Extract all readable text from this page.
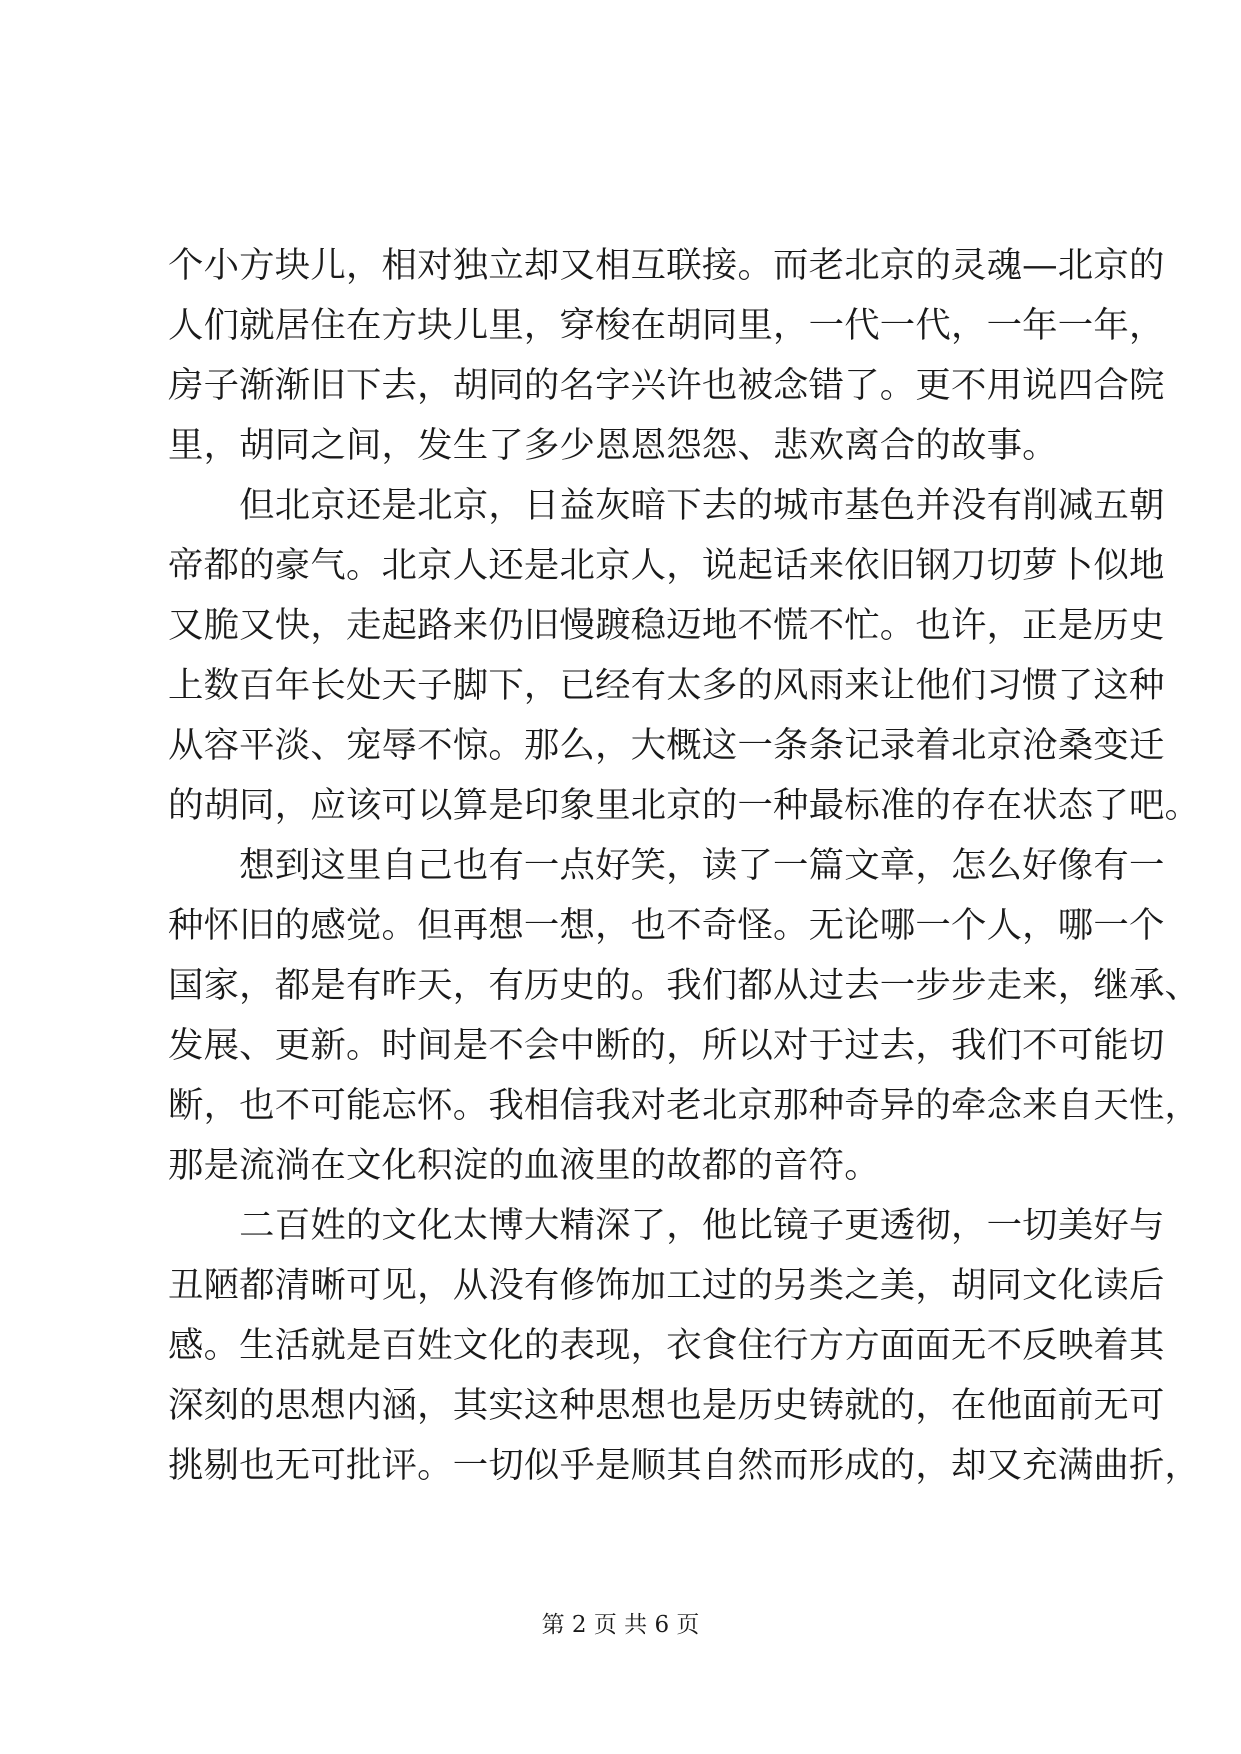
个小方块儿，相对独立却又相互联接。而老北京的灵魂—北京的
人们就居住在方块儿里，穿梭在胡同里，一代一代，一年一年，
房子渐渐旧下去，胡同的名字兴许也被念错了。更不用说四合院
里，胡同之间，发生了多少恩恩怨怨、悲欢离合的故事。
　　但北京还是北京，日益灰暗下去的城市基色并没有削减五朝
帝都的豪气。北京人还是北京人，说起话来依旧钢刀切萝卜似地
又脆又快，走起路来仍旧慢踱稳迈地不慌不忙。也许，正是历史
上数百年长处天子脚下，已经有太多的风雨来让他们习惯了这种
从容平淡、宠辱不惊。那么，大概这一条条记录着北京沧桑变迁
的胡同，应该可以算是印象里北京的一种最标准的存在状态了吧。
　　想到这里自己也有一点好笑，读了一篇文章，怎么好像有一
种怀旧的感觉。但再想一想，也不奇怪。无论哪一个人，哪一个
国家，都是有昨天，有历史的。我们都从过去一步步走来，继承、
发展、更新。时间是不会中断的，所以对于过去，我们不可能切
断，也不可能忘怀。我相信我对老北京那种奇异的牵念来自天性，
那是流淌在文化积淀的血液里的故都的音符。
　　二百姓的文化太博大精深了，他比镜子更透彻，一切美好与
丑陋都清晰可见，从没有修饰加工过的另类之美，胡同文化读后
感。生活就是百姓文化的表现，衣食住行方方面面无不反映着其
深刻的思想内涵，其实这种思想也是历史铸就的，在他面前无可
挑剔也无可批评。一切似乎是顺其自然而形成的，却又充满曲折，
第 2 页 共 6 页
